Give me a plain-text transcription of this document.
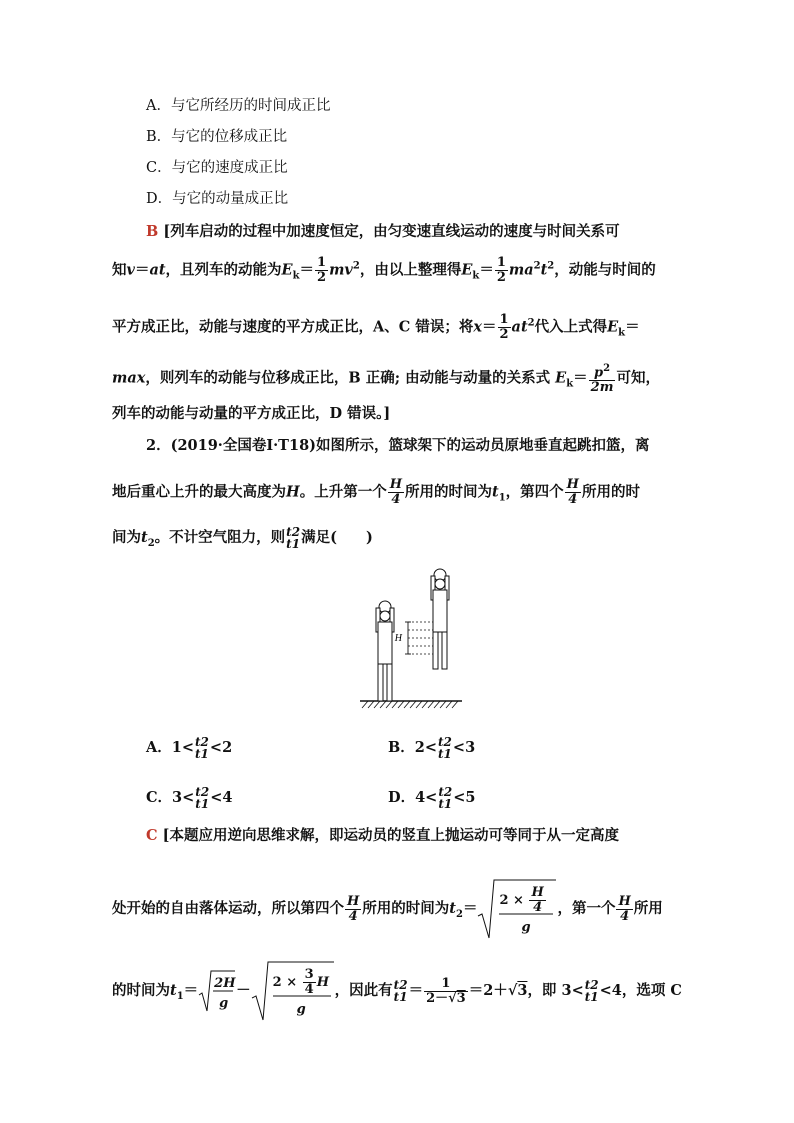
A．与它所经历的时间成正比
B．与它的位移成正比
C．与它的速度成正比
D．与它的动量成正比
B [列车启动的过程中加速度恒定，由匀变速直线运动的速度与时间关系可
知v＝at，且列车的动能为$E_k= \frac{1}{2} mv^2$，由以上整理得$E_k= \frac{1}{2} ma^2t^2$，动能与时间的
平方成正比，动能与速度的平方成正比，A、C 错误；将$x= \frac{1}{2} at^2$代入上式得$E_k=$
max，则列车的动能与位移成正比，B 正确; 由动能与动量的关系式 $E_k= \frac{p^2}{2m}$ 可知，
列车的动能与动量的平方成正比，D 错误。]
2．(2019·全国卷Ⅰ·T18)如图所示，篮球架下的运动员原地垂直起跳扣篮，离
地后重心上升的最大高度为H。上升第一个 $\frac{H}{4}$ 所用的时间为$t_1$，第四个 $\frac{H}{4}$ 所用的时
间为$t_2$。不计空气阻力，则 t2
t1 满足(　　)
H
A．1< t2
t1 <2	B．2< t2
t1 <3
C．3< t2
t1 <4	D．4< t2
t1 <5
C [本题应用逆向思维求解，即运动员的竖直上抛运动可等同于从一定高度
处开始的自由落体运动，所以第四个 $\frac{H}{4}$ 所用的时间为$t_2= 2 \times \frac{H}{4}$
g
，第一个 $\frac{H}{4}$ 所用
的时间为$t_1= 2H$
g
－ $2 \times \frac{3}{4}$ H
g
，因此有 t2
$t1 = \frac{1}{2-√3} =2+√3$，即 3< t2
t1 <4，选项 C
